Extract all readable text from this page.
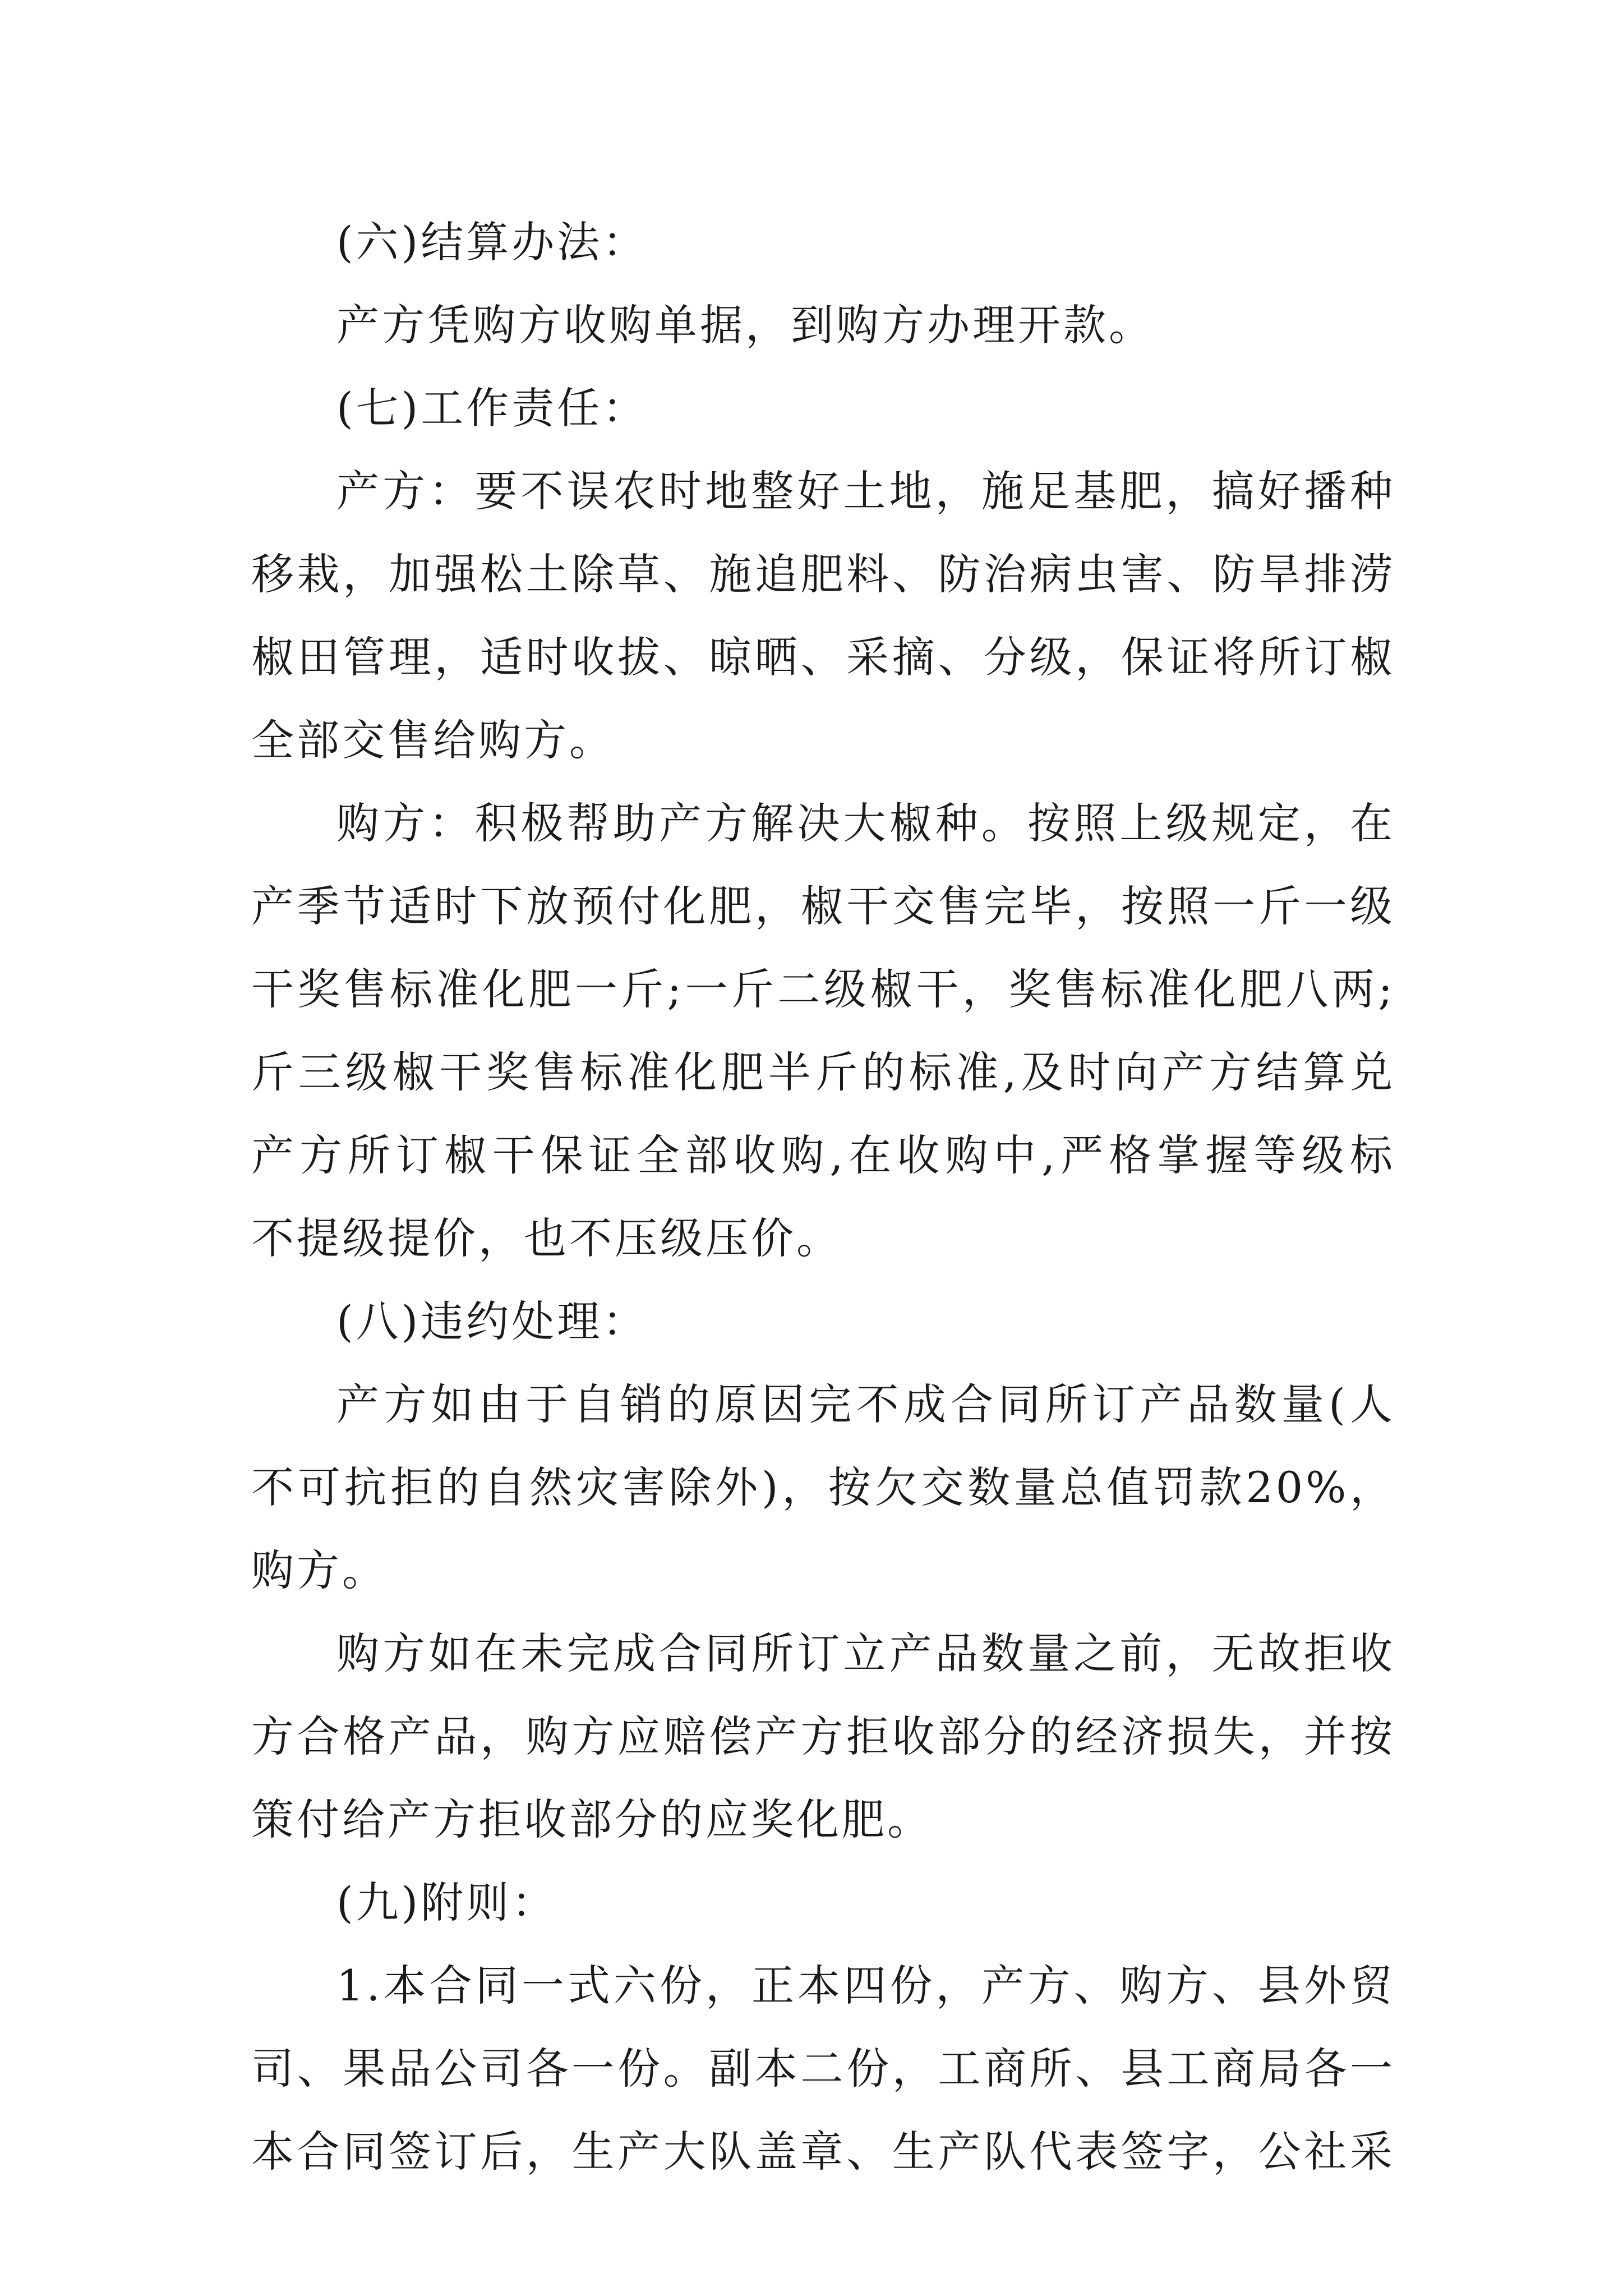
(六)结算办法：
产方凭购方收购单据，到购方办理开款。
(七)工作责任：
产方：要不误农时地整好土地，施足基肥，搞好播种
移栽，加强松土除草、施追肥料、防治病虫害、防旱排涝
椒田管理，适时收拔、晾晒、采摘、分级，保证将所订椒
全部交售给购方。
购方：积极帮助产方解决大椒种。按照上级规定，在
产季节适时下放预付化肥，椒干交售完毕，按照一斤一级
干奖售标准化肥一斤;一斤二级椒干，奖售标准化肥八两;
斤三级椒干奖售标准化肥半斤的标准,及时向产方结算兑
产方所订椒干保证全部收购,在收购中,严格掌握等级标
不提级提价，也不压级压价。
(八)违约处理：
产方如由于自销的原因完不成合同所订产品数量(人
不可抗拒的自然灾害除外)，按欠交数量总值罚款20%，
购方。
购方如在未完成合同所订立产品数量之前，无故拒收
方合格产品，购方应赔偿产方拒收部分的经济损失，并按
策付给产方拒收部分的应奖化肥。
(九)附则：
1.本合同一式六份，正本四份，产方、购方、县外贸
司、果品公司各一份。副本二份，工商所、县工商局各一
本合同签订后，生产大队盖章、生产队代表签字，公社采
